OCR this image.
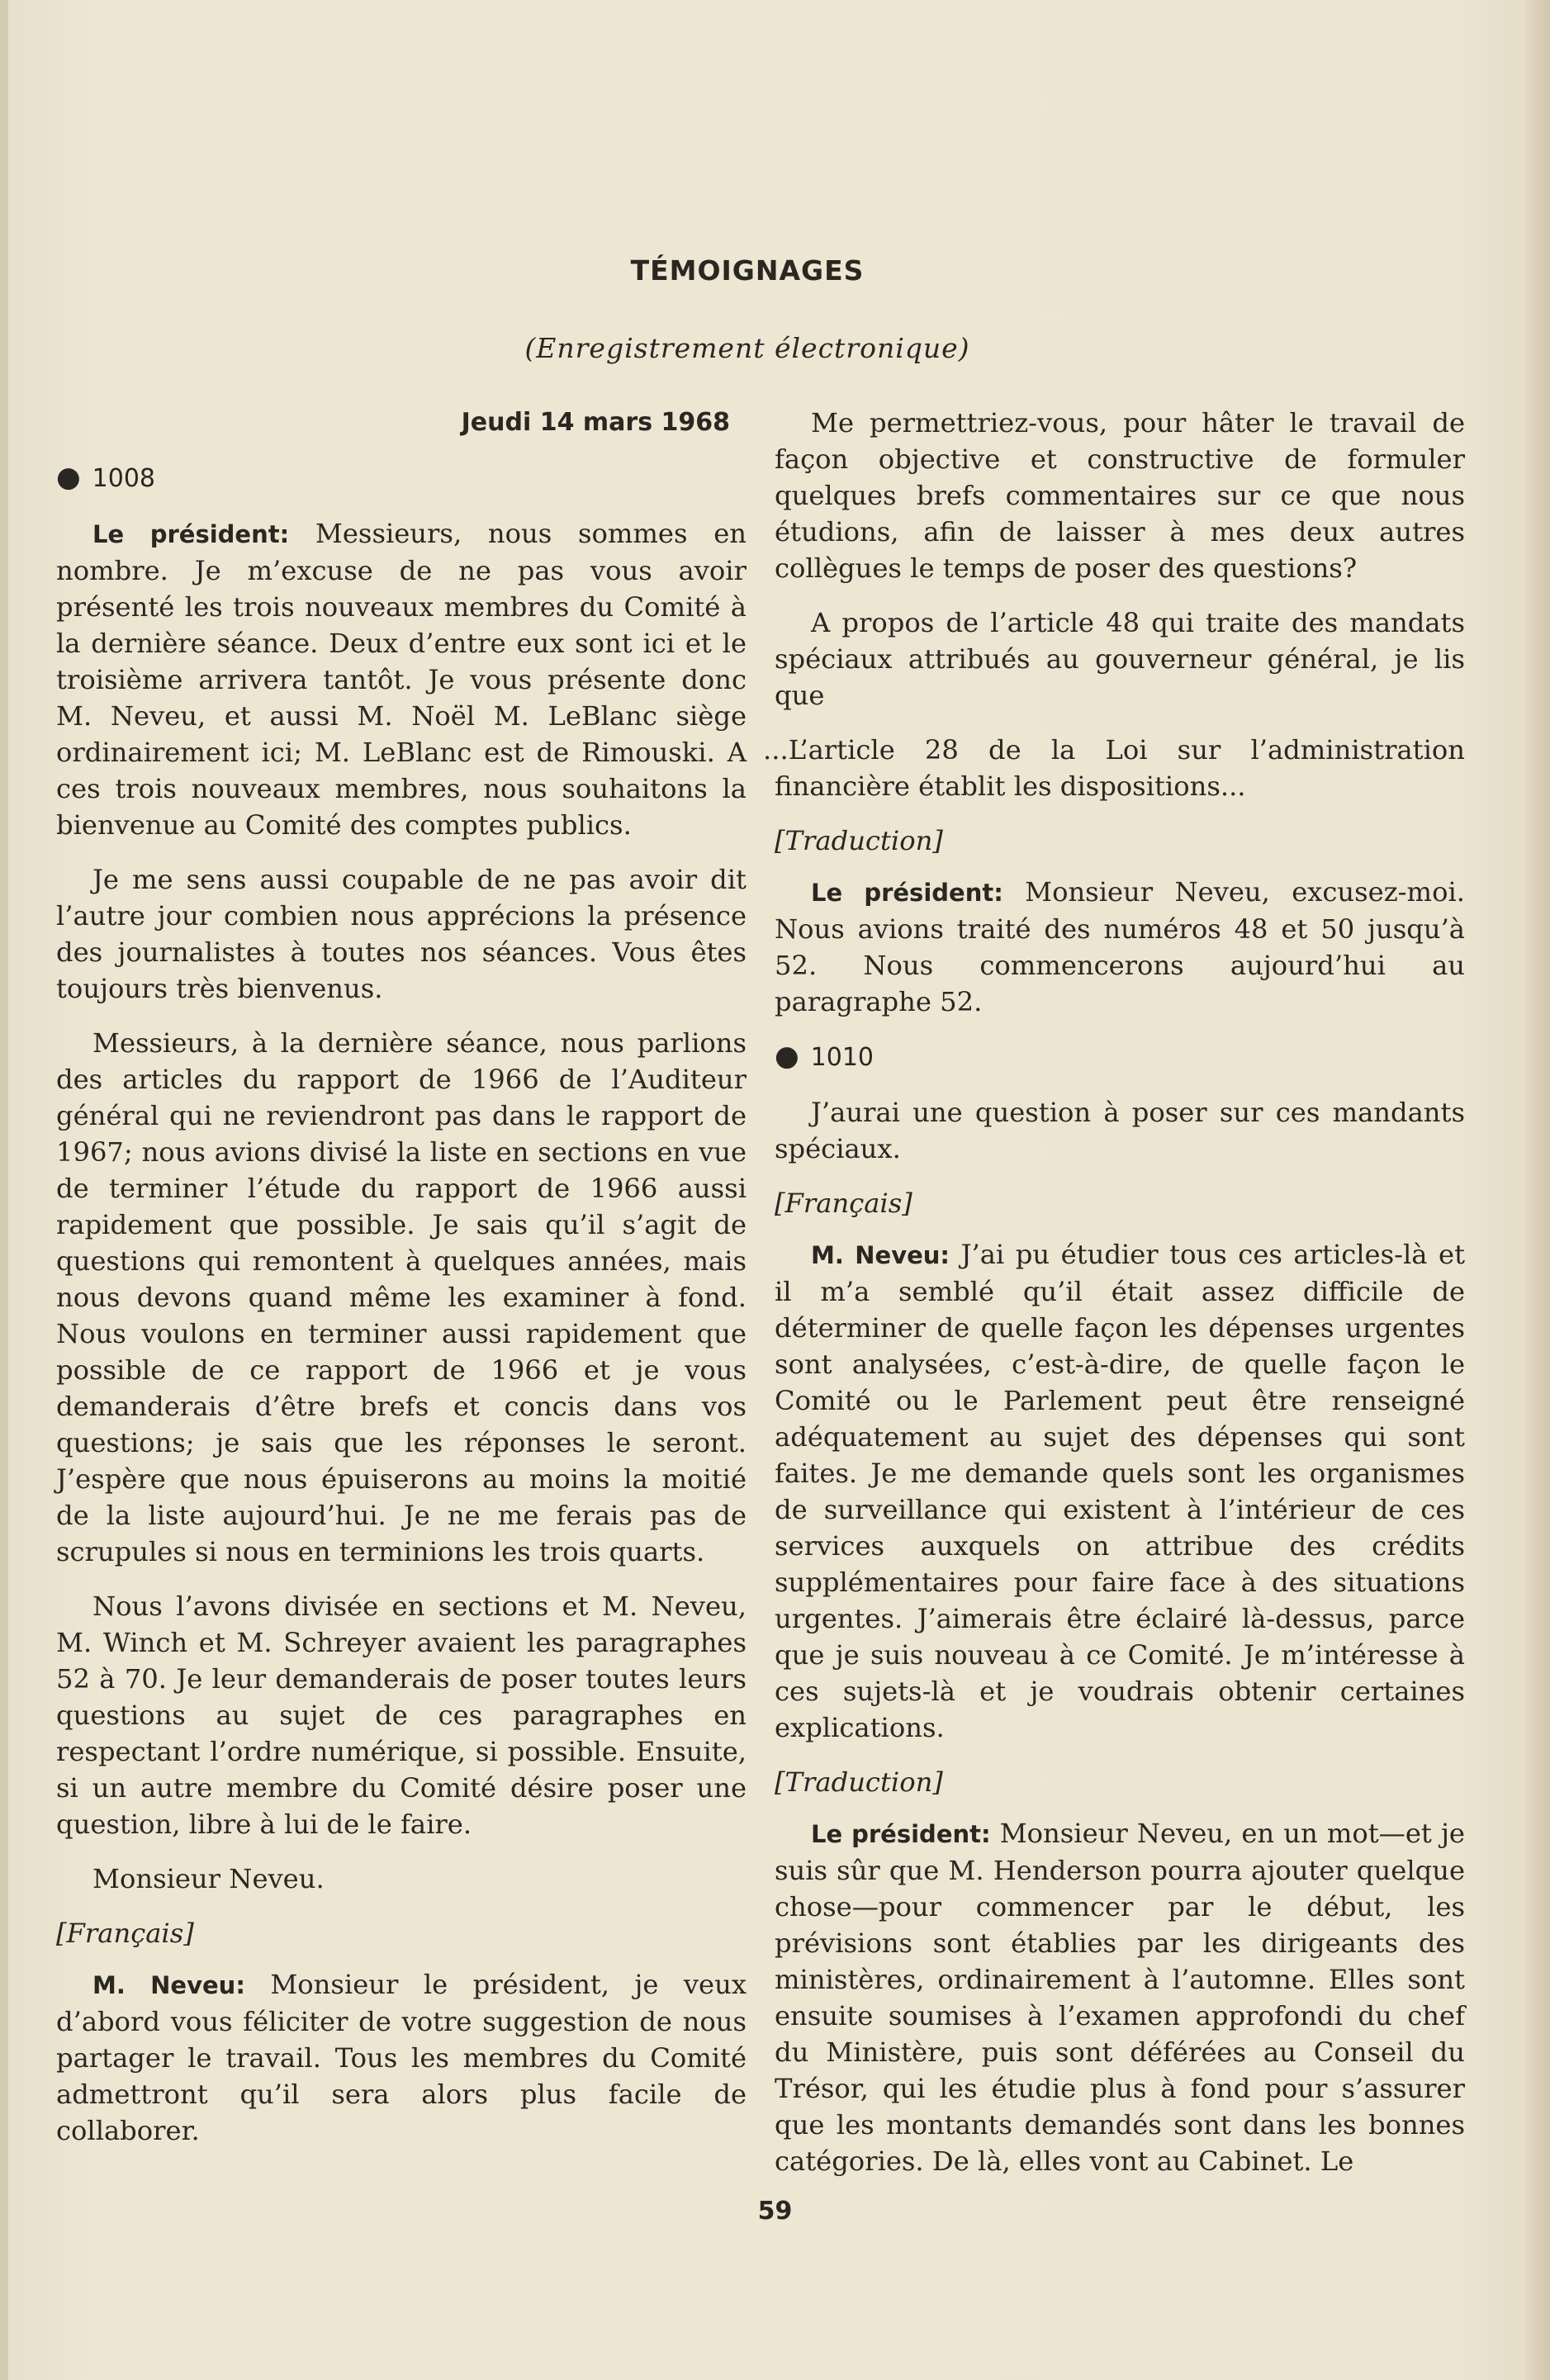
TÉMOIGNAGES
(Enregistrement électronique)
Jeudi 14 mars 1968
● 1008

Le président: Messieurs, nous sommes en nombre. Je m’excuse de ne pas vous avoir présenté les trois nouveaux membres du Comité à la dernière séance. Deux d’entre eux sont ici et le troisième arrivera tantôt. Je vous présente donc M. Neveu, et aussi M. Noël M. LeBlanc siège ordinairement ici; M. LeBlanc est de Rimouski. A ces trois nouveaux membres, nous souhaitons la bienvenue au Comité des comptes publics.

Je me sens aussi coupable de ne pas avoir dit l’autre jour combien nous apprécions la présence des journalistes à toutes nos séances. Vous êtes toujours très bienvenus.

Messieurs, à la dernière séance, nous parlions des articles du rapport de 1966 de l’Auditeur général qui ne reviendront pas dans le rapport de 1967; nous avions divisé la liste en sections en vue de terminer l’étude du rapport de 1966 aussi rapidement que possible. Je sais qu’il s’agit de questions qui remontent à quelques années, mais nous devons quand même les examiner à fond. Nous voulons en terminer aussi rapidement que possible de ce rapport de 1966 et je vous demanderais d’être brefs et concis dans vos questions; je sais que les réponses le seront. J’espère que nous épuiserons au moins la moitié de la liste aujourd’hui. Je ne me ferais pas de scrupules si nous en terminions les trois quarts.

Nous l’avons divisée en sections et M. Neveu, M. Winch et M. Schreyer avaient les paragraphes 52 à 70. Je leur demanderais de poser toutes leurs questions au sujet de ces paragraphes en respectant l’ordre numérique, si possible. Ensuite, si un autre membre du Comité désire poser une question, libre à lui de le faire.

Monsieur Neveu.

[Français]

M. Neveu: Monsieur le président, je veux d’abord vous féliciter de votre suggestion de nous partager le travail. Tous les membres du Comité admettront qu’il sera alors plus facile de collaborer.

Me permettriez-vous, pour hâter le travail de façon objective et constructive de formuler quelques brefs commentaires sur ce que nous étudions, afin de laisser à mes deux autres collègues le temps de poser des questions?

A propos de l’article 48 qui traite des mandats spéciaux attribués au gouverneur général, je lis que

...L’article 28 de la Loi sur l’administration financière établit les dispositions...

[Traduction]

Le président: Monsieur Neveu, excusez-moi. Nous avions traité des numéros 48 et 50 jusqu’à 52. Nous commencerons aujourd’hui au paragraphe 52.

● 1010

J’aurai une question à poser sur ces mandants spéciaux.

[Français]

M. Neveu: J’ai pu étudier tous ces articles-là et il m’a semblé qu’il était assez difficile de déterminer de quelle façon les dépenses urgentes sont analysées, c’est-à-dire, de quelle façon le Comité ou le Parlement peut être renseigné adéquatement au sujet des dépenses qui sont faites. Je me demande quels sont les organismes de surveillance qui existent à l’intérieur de ces services auxquels on attribue des crédits supplémentaires pour faire face à des situations urgentes. J’aimerais être éclairé là-dessus, parce que je suis nouveau à ce Comité. Je m’intéresse à ces sujets-là et je voudrais obtenir certaines explications.

[Traduction]

Le président: Monsieur Neveu, en un mot—et je suis sûr que M. Henderson pourra ajouter quelque chose—pour commencer par le début, les prévisions sont établies par les dirigeants des ministères, ordinairement à l’automne. Elles sont ensuite soumises à l’examen approfondi du chef du Ministère, puis sont déférées au Conseil du Trésor, qui les étudie plus à fond pour s’assurer que les montants demandés sont dans les bonnes catégories. De là, elles vont au Cabinet. Le

59
